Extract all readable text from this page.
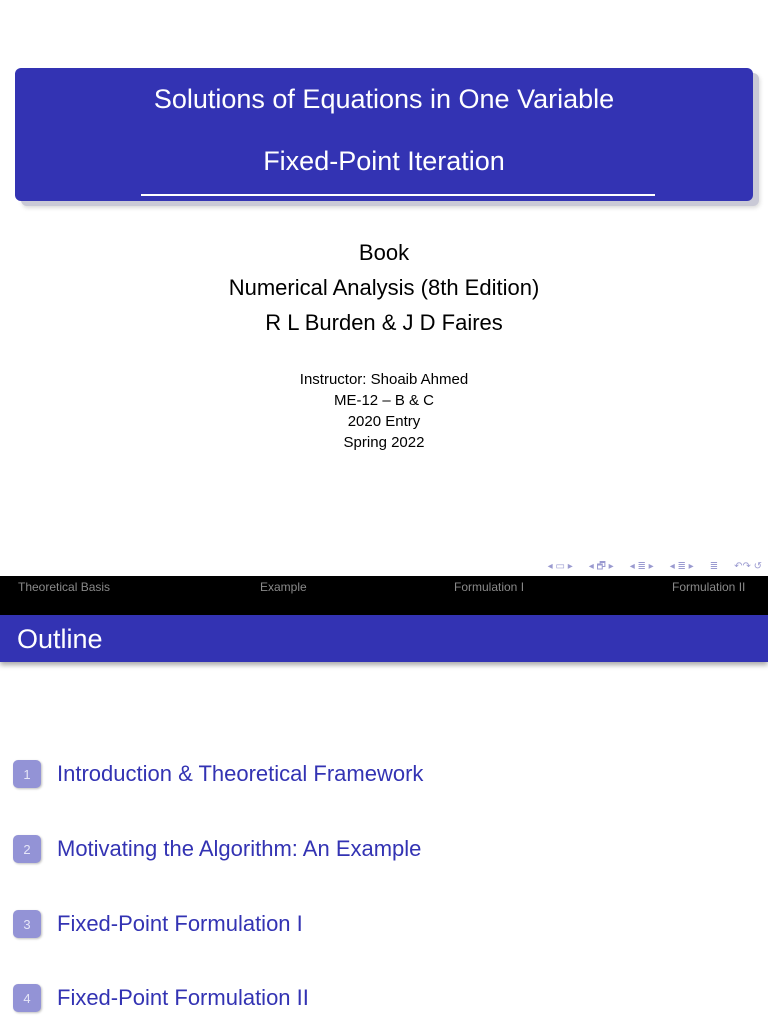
Solutions of Equations in One Variable
Fixed-Point Iteration
Book
Numerical Analysis (8th Edition)
R L Burden & J D Faires
Instructor: Shoaib Ahmed
ME-12 – B & C
2020 Entry
Spring 2022
◂ ▭ ▸ ◂ 🗗 ▸ ◂ ≣ ▸ ◂ ≣ ▸ ≣ ↶↷ ↺
Theoretical Basis	Example	Formulation I	Formulation II
Outline
1	Introduction & Theoretical Framework
2	Motivating the Algorithm: An Example
3	Fixed-Point Formulation I
4	Fixed-Point Formulation II
